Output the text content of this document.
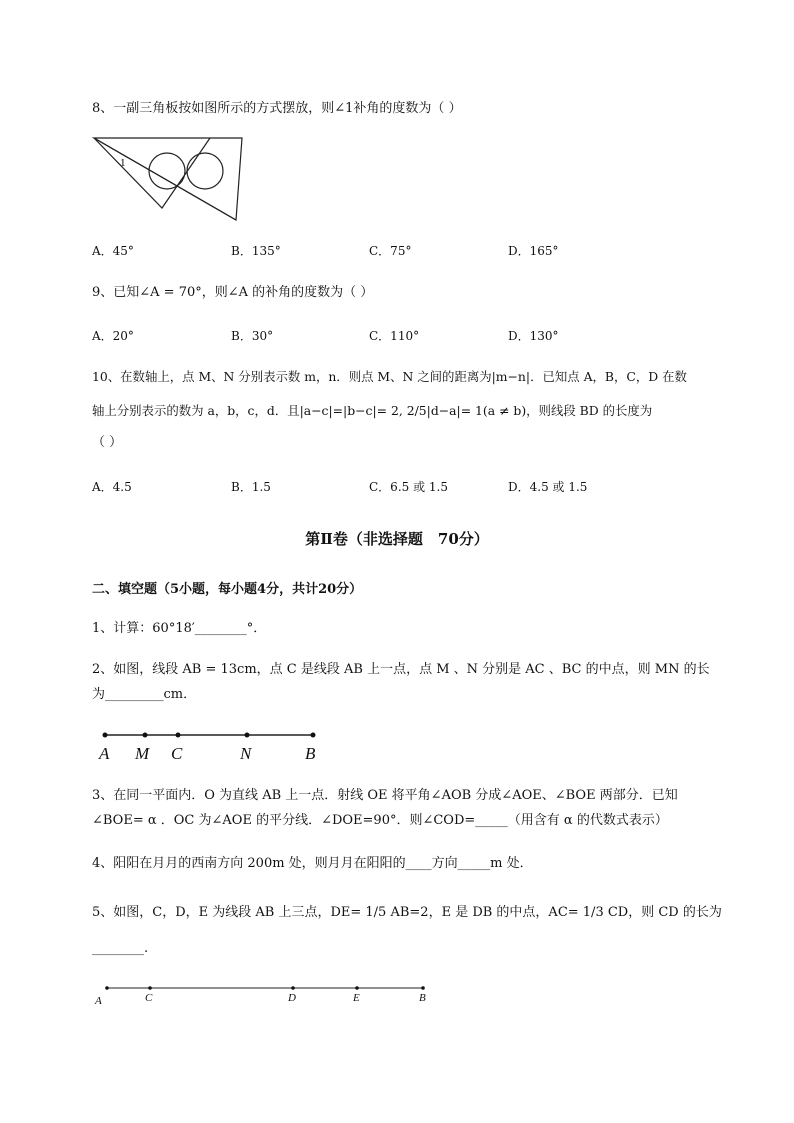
8、一副三角板按如图所示的方式摆放，则∠1补角的度数为（ ）
1
A．45°	B．135°	C．75°	D．165°
9、已知∠A = 70°，则∠A 的补角的度数为（ ）
A．20°	B．30°	C．110°	D．130°
10、在数轴上，点 M、N 分别表示数 m，n．则点 M、N 之间的距离为|m−n|．已知点 A，B，C，D 在数
轴上分别表示的数为 a，b，c，d．且|a−c|=|b−c|= 2, 2/5|d−a|= 1(a ≠ b)，则线段 BD 的长度为
（ ）
A．4.5	B．1.5	C．6.5 或 1.5	D．4.5 或 1.5
第Ⅱ卷（非选择题　70分）
二、填空题（5小题，每小题4分，共计20分）
1、计算：60°18′________°．
2、如图，线段 AB = 13cm，点 C 是线段 AB 上一点，点 M 、N 分别是 AC 、BC 的中点，则 MN 的长
为_________cm．
A M C	N	B
3、在同一平面内．O 为直线 AB 上一点．射线 OE 将平角∠AOB 分成∠AOE、∠BOE 两部分．已知
∠BOE= α ．OC 为∠AOE 的平分线．∠DOE=90°．则∠COD=_____（用含有 α 的代数式表示）
4、阳阳在月月的西南方向 200m 处，则月月在阳阳的____方向_____m 处．
5、如图，C，D，E 为线段 AB 上三点，DE= 1/5 AB=2，E 是 DB 的中点，AC= 1/3 CD，则 CD 的长为
________.
A	C	D	E	B
